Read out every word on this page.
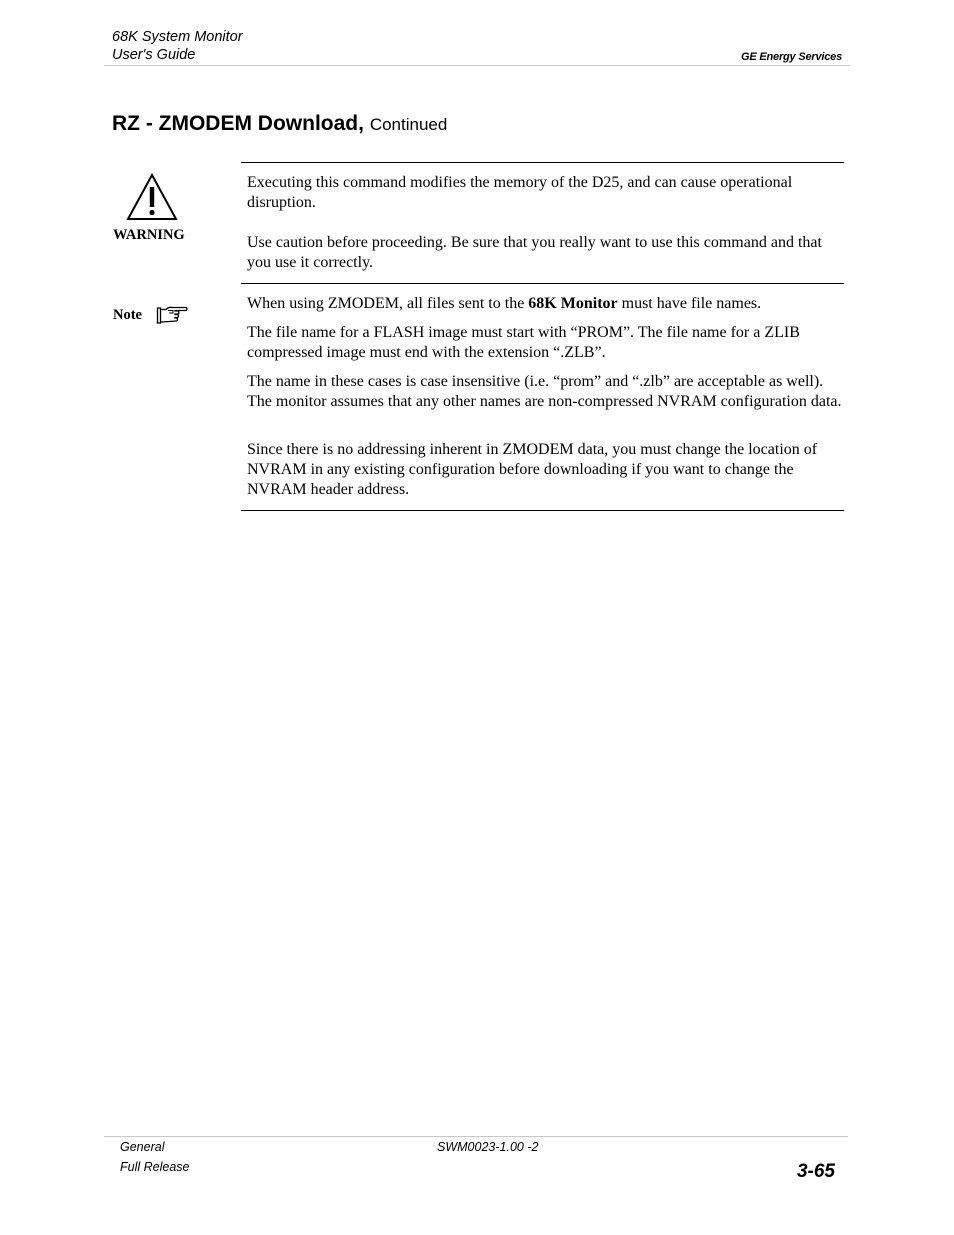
68K System Monitor
User's Guide	GE Energy Services
RZ - ZMODEM Download, Continued
WARNING
Executing this command modifies the memory of the D25, and can cause operational disruption.
Use caution before proceeding. Be sure that you really want to use this command and that you use it correctly.
Note
When using ZMODEM, all files sent to the 68K Monitor must have file names.
The file name for a FLASH image must start with “PROM”. The file name for a ZLIB compressed image must end with the extension “.ZLB”.
The name in these cases is case insensitive (i.e. “prom” and “.zlb” are acceptable as well). The monitor assumes that any other names are non-compressed NVRAM configuration data.
Since there is no addressing inherent in ZMODEM data, you must change the location of NVRAM in any existing configuration before downloading if you want to change the NVRAM header address.
General
Full Release
SWM0023-1.00 -2
3-65
